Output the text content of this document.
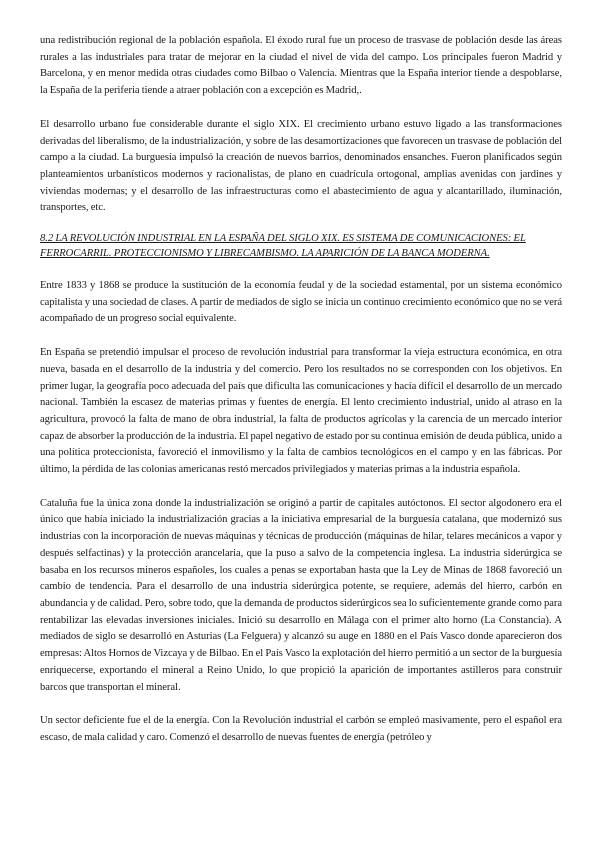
una redistribución regional de la población española. El éxodo rural fue un proceso de trasvase de población desde las áreas rurales a las industriales para tratar de mejorar en la ciudad el nivel de vida del campo. Los principales fueron Madrid y Barcelona, y en menor medida otras ciudades como Bilbao o Valencia. Mientras que la España interior tiende a despoblarse, la España de la periferia tiende a atraer población con a excepción es Madrid,.

El desarrollo urbano fue considerable durante el siglo XIX. El crecimiento urbano estuvo ligado a las transformaciones derivadas del liberalismo, de la industrialización, y sobre de las desamortizaciones que favorecen un trasvase de población del campo a la ciudad. La burguesía impulsó la creación de nuevos barrios, denominados ensanches. Fueron planificados según planteamientos urbanísticos modernos y racionalistas, de plano en cuadrícula ortogonal, amplias avenidas con jardines y viviendas modernas; y el desarrollo de las infraestructuras como el abastecimiento de agua y alcantarillado, iluminación, transportes, etc.

8.2 LA REVOLUCIÓN INDUSTRIAL EN LA ESPAÑA DEL SIGLO XIX. ES SISTEMA DE COMUNICACIONES: EL FERROCARRIL. PROTECCIONISMO Y LIBRECAMBISMO. LA APARICIÓN DE LA BANCA MODERNA.

Entre 1833 y 1868 se produce la sustitución de la economía feudal y de la sociedad estamental, por un sistema económico capitalista y una sociedad de clases. A partir de mediados de siglo se inicia un continuo crecimiento económico que no se verá acompañado de un progreso social equivalente.

En España se pretendió impulsar el proceso de revolución industrial para transformar la vieja estructura económica, en otra nueva, basada en el desarrollo de la industria y del comercio. Pero los resultados no se corresponden con los objetivos. En primer lugar, la geografía poco adecuada del país que dificulta las comunicaciones y hacía difícil el desarrollo de un mercado nacional. También la escasez de materias primas y fuentes de energía. El lento crecimiento industrial, unido al atraso en la agricultura, provocó la falta de mano de obra industrial, la falta de productos agrícolas y la carencia de un mercado interior capaz de absorber la producción de la industria. El papel negativo de estado por su continua emisión de deuda pública, unido a una política proteccionista, favoreció el inmovilismo y la falta de cambios tecnológicos en el campo y en las fábricas. Por último, la pérdida de las colonias americanas restó mercados privilegiados y materias primas a la industria española.

Cataluña fue la única zona donde la industrialización se originó a partir de capitales autóctonos. El sector algodonero era el único que había iniciado la industrialización gracias a la iniciativa empresarial de la burguesía catalana, que modernizó sus industrias con la incorporación de nuevas máquinas y técnicas de producción (máquinas de hilar, telares mecánicos a vapor y después selfactinas) y la protección arancelaria, que la puso a salvo de la competencia inglesa. La industria siderúrgica se basaba en los recursos mineros españoles, los cuales a penas se exportaban hasta que la Ley de Minas de 1868 favoreció un cambio de tendencia. Para el desarrollo de una industria siderúrgica potente, se requiere, además del hierro, carbón en abundancia y de calidad. Pero, sobre todo, que la demanda de productos siderúrgicos sea lo suficientemente grande como para rentabilizar las elevadas inversiones iniciales. Inició su desarrollo en Málaga con el primer alto horno (La Constancia). A mediados de siglo se desarrolló en Asturias (La Felguera) y alcanzó su auge en 1880 en el País Vasco donde aparecieron dos empresas: Altos Hornos de Vizcaya y de Bilbao. En el País Vasco la explotación del hierro permitió a un sector de la burguesía enriquecerse, exportando el mineral a Reino Unido, lo que propició la aparición de importantes astilleros para construir barcos que transportan el mineral.

Un sector deficiente fue el de la energía. Con la Revolución industrial el carbón se empleó masivamente, pero el español era escaso, de mala calidad y caro. Comenzó el desarrollo de nuevas fuentes de energía (petróleo y
